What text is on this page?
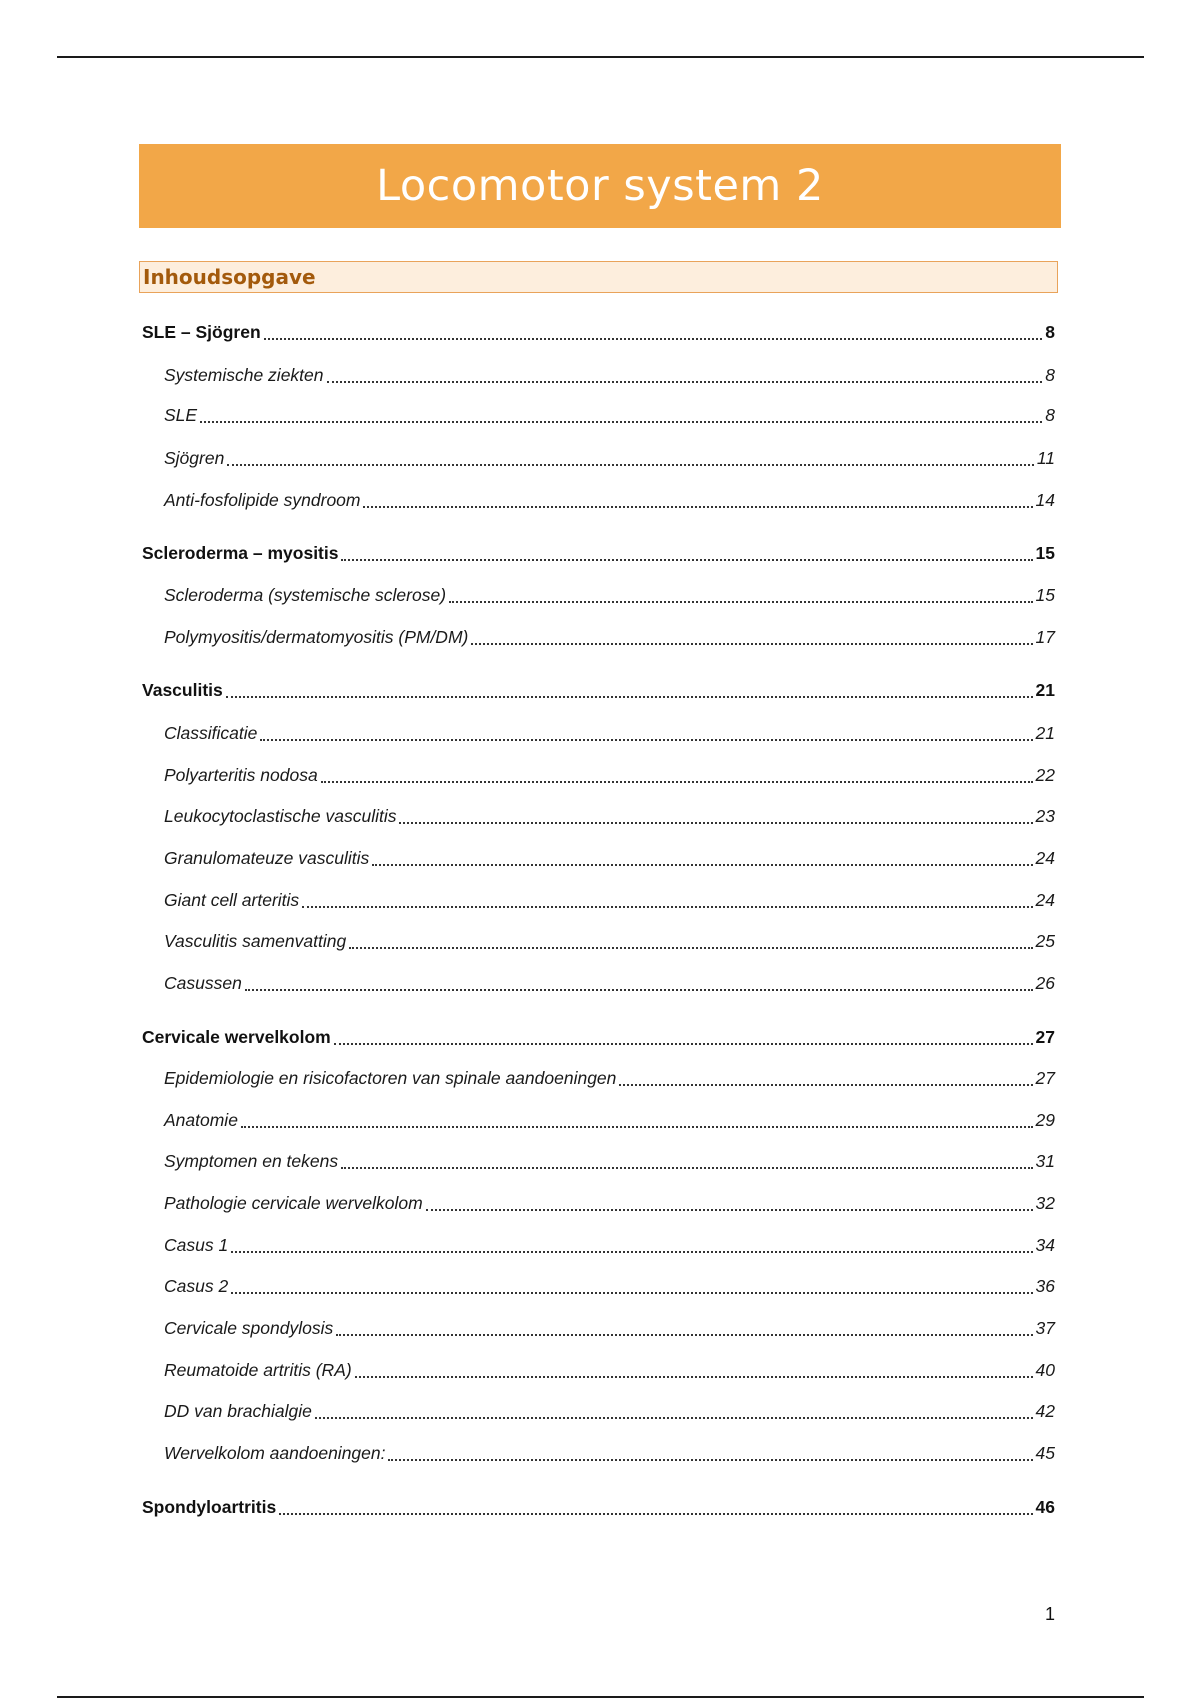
Locomotor system 2
Inhoudsopgave
SLE – Sjögren	8
Systemische ziekten	8
SLE	8
Sjögren	11
Anti-fosfolipide syndroom	14
Scleroderma – myositis	15
Scleroderma (systemische sclerose)	15
Polymyositis/dermatomyositis (PM/DM)	17
Vasculitis	21
Classificatie	21
Polyarteritis nodosa	22
Leukocytoclastische vasculitis	23
Granulomateuze vasculitis	24
Giant cell arteritis	24
Vasculitis samenvatting	25
Casussen	26
Cervicale wervelkolom	27
Epidemiologie en risicofactoren van spinale aandoeningen	27
Anatomie	29
Symptomen en tekens	31
Pathologie cervicale wervelkolom	32
Casus 1	34
Casus 2	36
Cervicale spondylosis	37
Reumatoide artritis (RA)	40
DD van brachialgie	42
Wervelkolom aandoeningen:	45
Spondyloartritis	46
1
